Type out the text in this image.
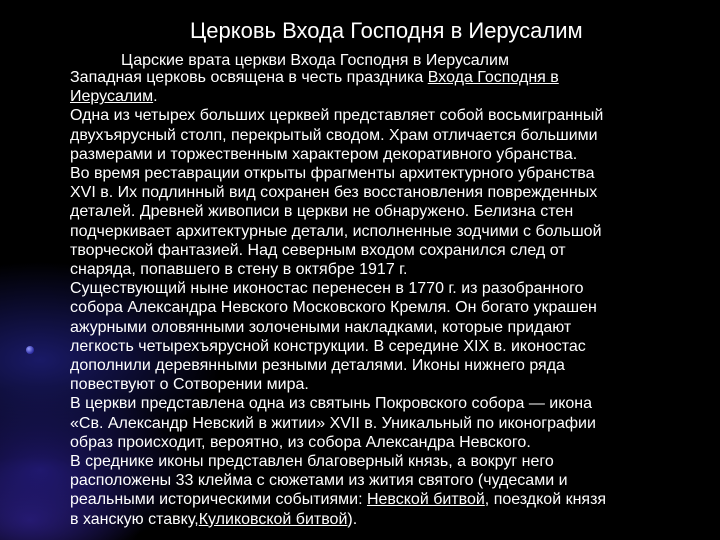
Церковь Входа Господня в Иерусалим
Царские врата церкви Входа Господня в Иерусалим

Западная церковь освящена в честь праздника Входа Господня в
Иерусалим.

Одна из четырех больших церквей представляет собой восьмигранный
двухъярусный столп, перекрытый сводом. Храм отличается большими
размерами и торжественным характером декоративного убранства.

Во время реставрации открыты фрагменты архитектурного убранства
XVI в. Их подлинный вид сохранен без восстановления поврежденных
деталей. Древней живописи в церкви не обнаружено. Белизна стен
подчеркивает архитектурные детали, исполненные зодчими с большой
творческой фантазией. Над северным входом сохранился след от
снаряда, попавшего в стену в октябре 1917 г.

Существующий ныне иконостас перенесен в 1770 г. из разобранного
собора Александра Невского Московского Кремля. Он богато украшен
ажурными оловянными золочеными накладками, которые придают
легкость четырехъярусной конструкции. В середине XIX в. иконостас
дополнили деревянными резными деталями. Иконы нижнего ряда
повествуют о Сотворении мира.

В церкви представлена одна из святынь Покровского собора — икона
«Св. Александр Невский в житии» XVII в. Уникальный по иконографии
образ происходит, вероятно, из собора Александра Невского.

В среднике иконы представлен благоверный князь, а вокруг него
расположены 33 клейма с сюжетами из жития святого (чудесами и
реальными историческими событиями: Невской битвой, поездкой князя
в ханскую ставку,Куликовской битвой).
